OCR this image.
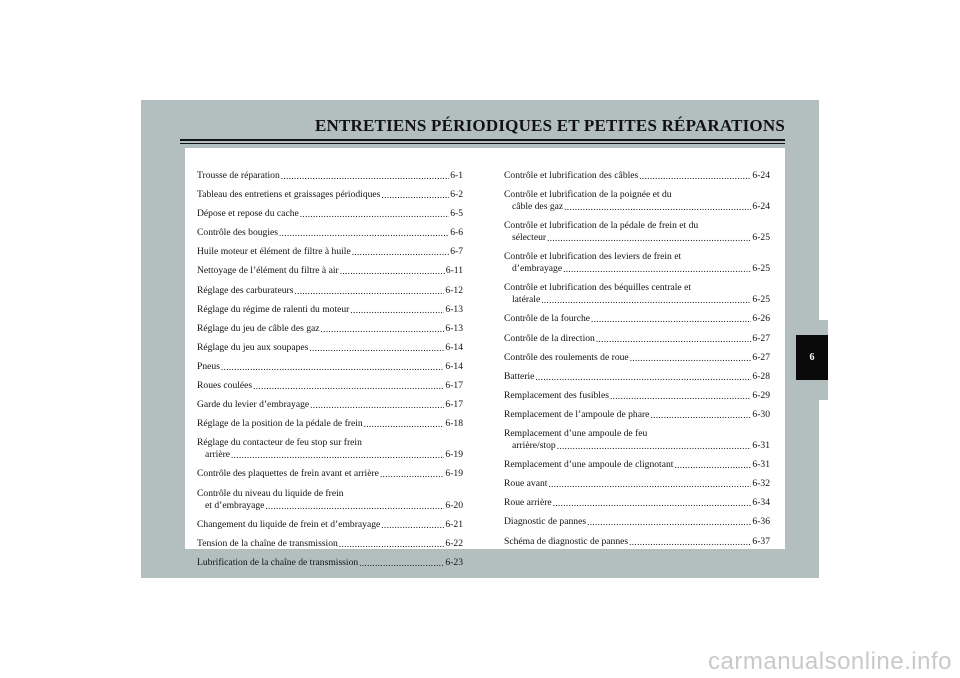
6
ENTRETIENS PÉRIODIQUES ET PETITES RÉPARATIONS
Trousse de réparation .....	6-1
Tableau des entretiens et graissages périodiques .....	6-2
Dépose et repose du cache .....	6-5
Contrôle des bougies .....	6-6
Huile moteur et élément de filtre à huile .....	6-7
Nettoyage de l’élément du filtre à air .....	6-11
Réglage des carburateurs .....	6-12
Réglage du régime de ralenti du moteur .....	6-13
Réglage du jeu de câble des gaz .....	6-13
Réglage du jeu aux soupapes .....	6-14
Pneus .....	6-14
Roues coulées .....	6-17
Garde du levier d’embrayage .....	6-17
Réglage de la position de la pédale de frein .....	6-18
Réglage du contacteur de feu stop sur frein
arrière .....	6-19
Contrôle des plaquettes de frein avant et arrière .....	6-19
Contrôle du niveau du liquide de frein
et d’embrayage .....	6-20
Changement du liquide de frein et d’embrayage .....	6-21
Tension de la chaîne de transmission .....	6-22
Lubrification de la chaîne de transmission .....	6-23
Contrôle et lubrification des câbles .....	6-24
Contrôle et lubrification de la poignée et du
câble des gaz .....	6-24
Contrôle et lubrification de la pédale de frein et du
sélecteur .....	6-25
Contrôle et lubrification des leviers de frein et
d’embrayage .....	6-25
Contrôle et lubrification des béquilles centrale et
latérale .....	6-25
Contrôle de la fourche .....	6-26
Contrôle de la direction .....	6-27
Contrôle des roulements de roue .....	6-27
Batterie .....	6-28
Remplacement des fusibles .....	6-29
Remplacement de l’ampoule de phare .....	6-30
Remplacement d’une ampoule de feu
arrière/stop .....	6-31
Remplacement d’une ampoule de clignotant .....	6-31
Roue avant .....	6-32
Roue arrière .....	6-34
Diagnostic de pannes .....	6-36
Schéma de diagnostic de pannes .....	6-37
carmanualsonline.info
